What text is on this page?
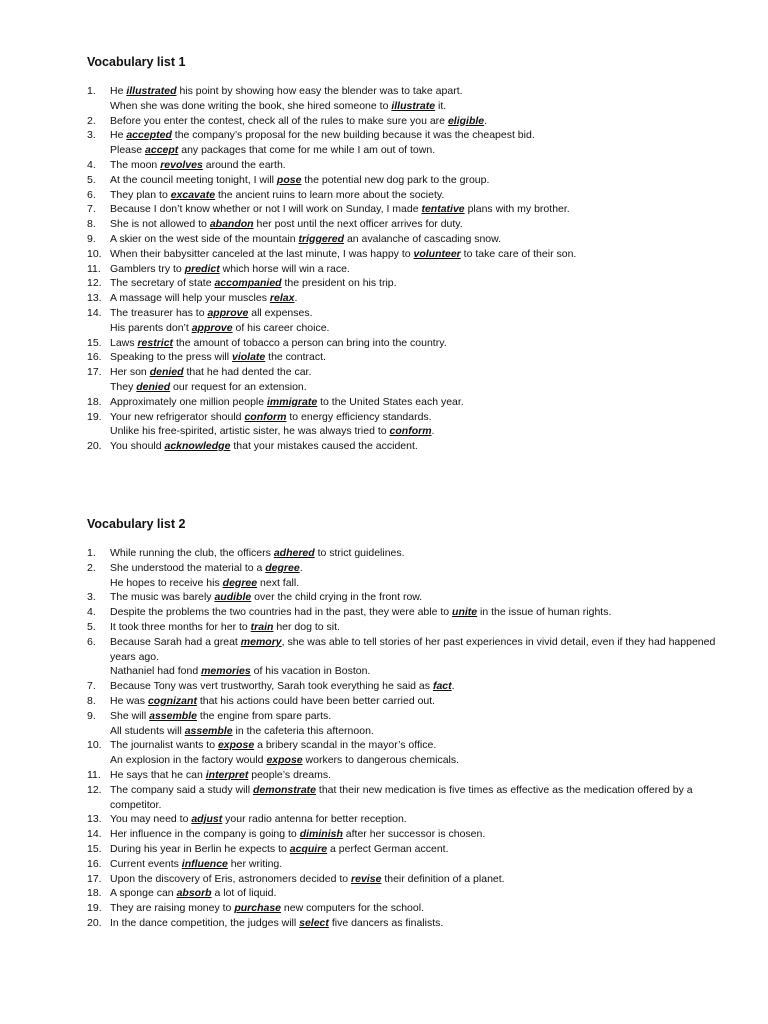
Vocabulary list 1
1. He illustrated his point by showing how easy the blender was to take apart.
When she was done writing the book, she hired someone to illustrate it.
2. Before you enter the contest, check all of the rules to make sure you are eligible.
3. He accepted the company’s proposal for the new building because it was the cheapest bid.
Please accept any packages that come for me while I am out of town.
4. The moon revolves around the earth.
5. At the council meeting tonight, I will pose the potential new dog park to the group.
6. They plan to excavate the ancient ruins to learn more about the society.
7. Because I don’t know whether or not I will work on Sunday, I made tentative plans with my brother.
8. She is not allowed to abandon her post until the next officer arrives for duty.
9. A skier on the west side of the mountain triggered an avalanche of cascading snow.
10. When their babysitter canceled at the last minute, I was happy to volunteer to take care of their son.
11. Gamblers try to predict which horse will win a race.
12. The secretary of state accompanied the president on his trip.
13. A massage will help your muscles relax.
14. The treasurer has to approve all expenses.
His parents don’t approve of his career choice.
15. Laws restrict the amount of tobacco a person can bring into the country.
16. Speaking to the press will violate the contract.
17. Her son denied that he had dented the car.
They denied our request for an extension.
18. Approximately one million people immigrate to the United States each year.
19. Your new refrigerator should conform to energy efficiency standards.
Unlike his free-spirited, artistic sister, he was always tried to conform.
20. You should acknowledge that your mistakes caused the accident.
Vocabulary list 2
1. While running the club, the officers adhered to strict guidelines.
2. She understood the material to a degree.
He hopes to receive his degree next fall.
3. The music was barely audible over the child crying in the front row.
4. Despite the problems the two countries had in the past, they were able to unite in the issue of human rights.
5. It took three months for her to train her dog to sit.
6. Because Sarah had a great memory, she was able to tell stories of her past experiences in vivid detail, even if they had happened years ago.
Nathaniel had fond memories of his vacation in Boston.
7. Because Tony was vert trustworthy, Sarah took everything he said as fact.
8. He was cognizant that his actions could have been better carried out.
9. She will assemble the engine from spare parts.
All students will assemble in the cafeteria this afternoon.
10. The journalist wants to expose a bribery scandal in the mayor’s office.
An explosion in the factory would expose workers to dangerous chemicals.
11. He says that he can interpret people’s dreams.
12. The company said a study will demonstrate that their new medication is five times as effective as the medication offered by a competitor.
13. You may need to adjust your radio antenna for better reception.
14. Her influence in the company is going to diminish after her successor is chosen.
15. During his year in Berlin he expects to acquire a perfect German accent.
16. Current events influence her writing.
17. Upon the discovery of Eris, astronomers decided to revise their definition of a planet.
18. A sponge can absorb a lot of liquid.
19. They are raising money to purchase new computers for the school.
20. In the dance competition, the judges will select five dancers as finalists.
